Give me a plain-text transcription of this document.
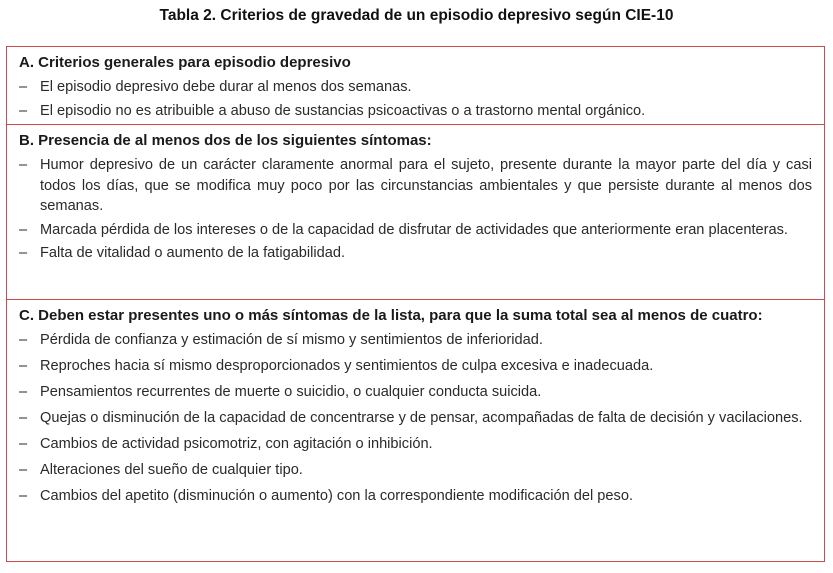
Tabla 2. Criterios de gravedad de un episodio depresivo según CIE-10
A. Criterios generales para episodio depresivo
– El episodio depresivo debe durar al menos dos semanas.
– El episodio no es atribuible a abuso de sustancias psicoactivas o a trastorno mental orgánico.
B. Presencia de al menos dos de los siguientes síntomas:
– Humor depresivo de un carácter claramente anormal para el sujeto, presente durante la mayor parte del día y casi todos los días, que se modifica muy poco por las circunstancias ambientales y que persiste durante al menos dos semanas.
– Marcada pérdida de los intereses o de la capacidad de disfrutar de actividades que anteriormente eran placenteras.
– Falta de vitalidad o aumento de la fatigabilidad.
C. Deben estar presentes uno o más síntomas de la lista, para que la suma total sea al menos de cuatro:
– Pérdida de confianza y estimación de sí mismo y sentimientos de inferioridad.
– Reproches hacia sí mismo desproporcionados y sentimientos de culpa excesiva e inadecuada.
– Pensamientos recurrentes de muerte o suicidio, o cualquier conducta suicida.
– Quejas o disminución de la capacidad de concentrarse y de pensar, acompañadas de falta de decisión y vacilaciones.
– Cambios de actividad psicomotriz, con agitación o inhibición.
– Alteraciones del sueño de cualquier tipo.
– Cambios del apetito (disminución o aumento) con la correspondiente modificación del peso.
